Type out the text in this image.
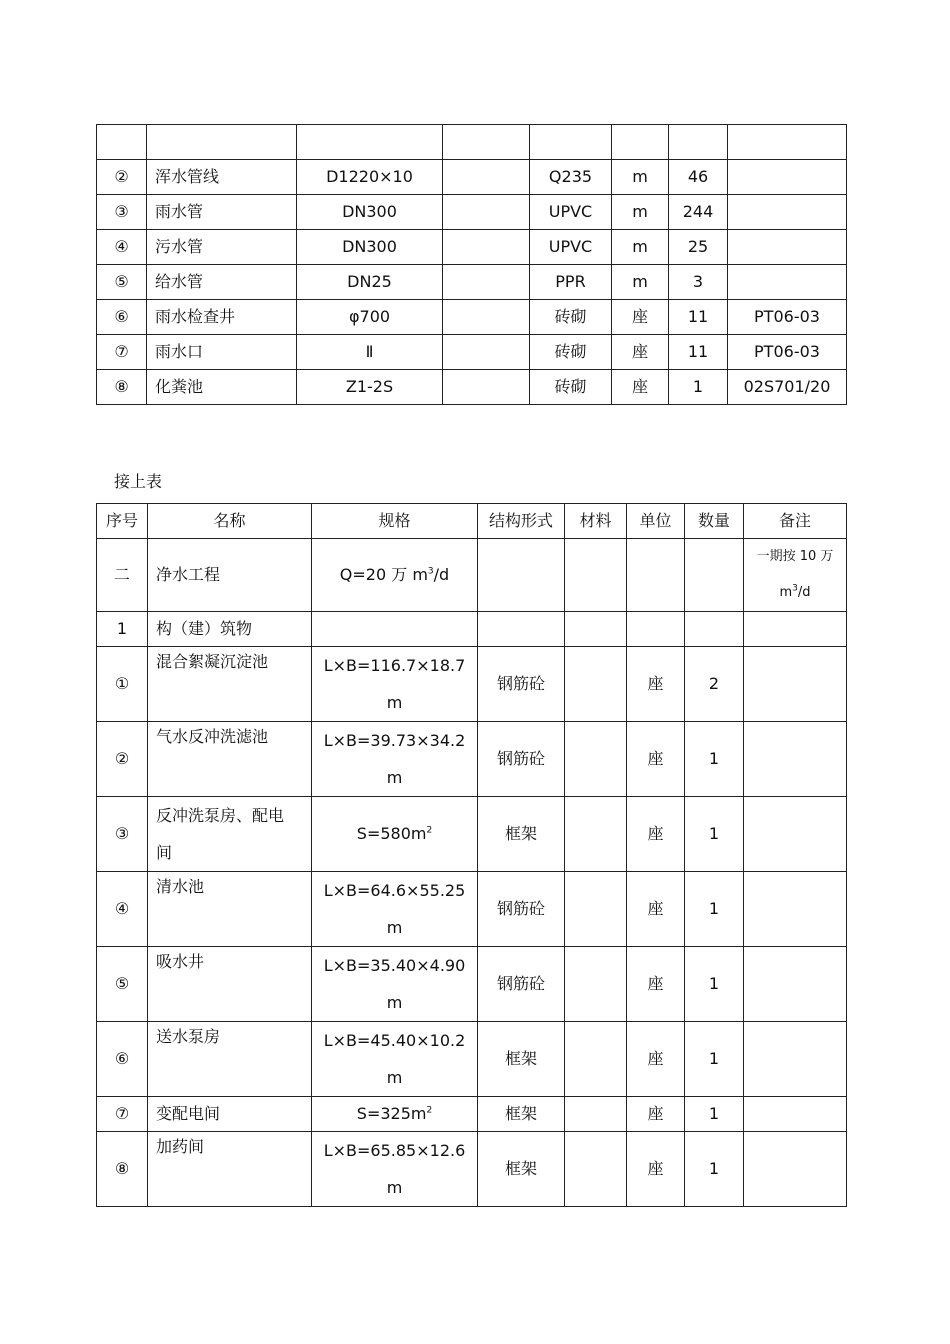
②	浑水管线	D1220×10		Q235	m	46	
③	雨水管	DN300		UPVC	m	244	
④	污水管	DN300		UPVC	m	25	
⑤	给水管	DN25		PPR	m	3	
⑥	雨水检查井	φ700		砖砌	座	11	PT06-03
⑦	雨水口	Ⅱ		砖砌	座	11	PT06-03
⑧	化粪池	Z1-2S		砖砌	座	1	02S701/20
接上表
序号	名称	规格	结构形式	材料	单位	数量	备注
二	净水工程	Q=20 万 $m^3/d$					一期按 10 万
$m^3/d$

1	构（建）筑物						
①	混合絮凝沉淀池	L×B=116.7×18.7
m	钢筋砼		座	2	
②	气水反冲洗滤池	L×B=39.73×34.2
m	钢筋砼		座	1	
③	反冲洗泵房、配电
间	$S=580m^2$	框架		座	1	
④	清水池	L×B=64.6×55.25
m	钢筋砼		座	1	
⑤	吸水井	L×B=35.40×4.90
m	钢筋砼		座	1	
⑥	送水泵房	L×B=45.40×10.2
m	框架		座	1	
⑦	变配电间	$S=325m^2$	框架		座	1	
⑧	加药间	L×B=65.85×12.6
m	框架		座	1	
